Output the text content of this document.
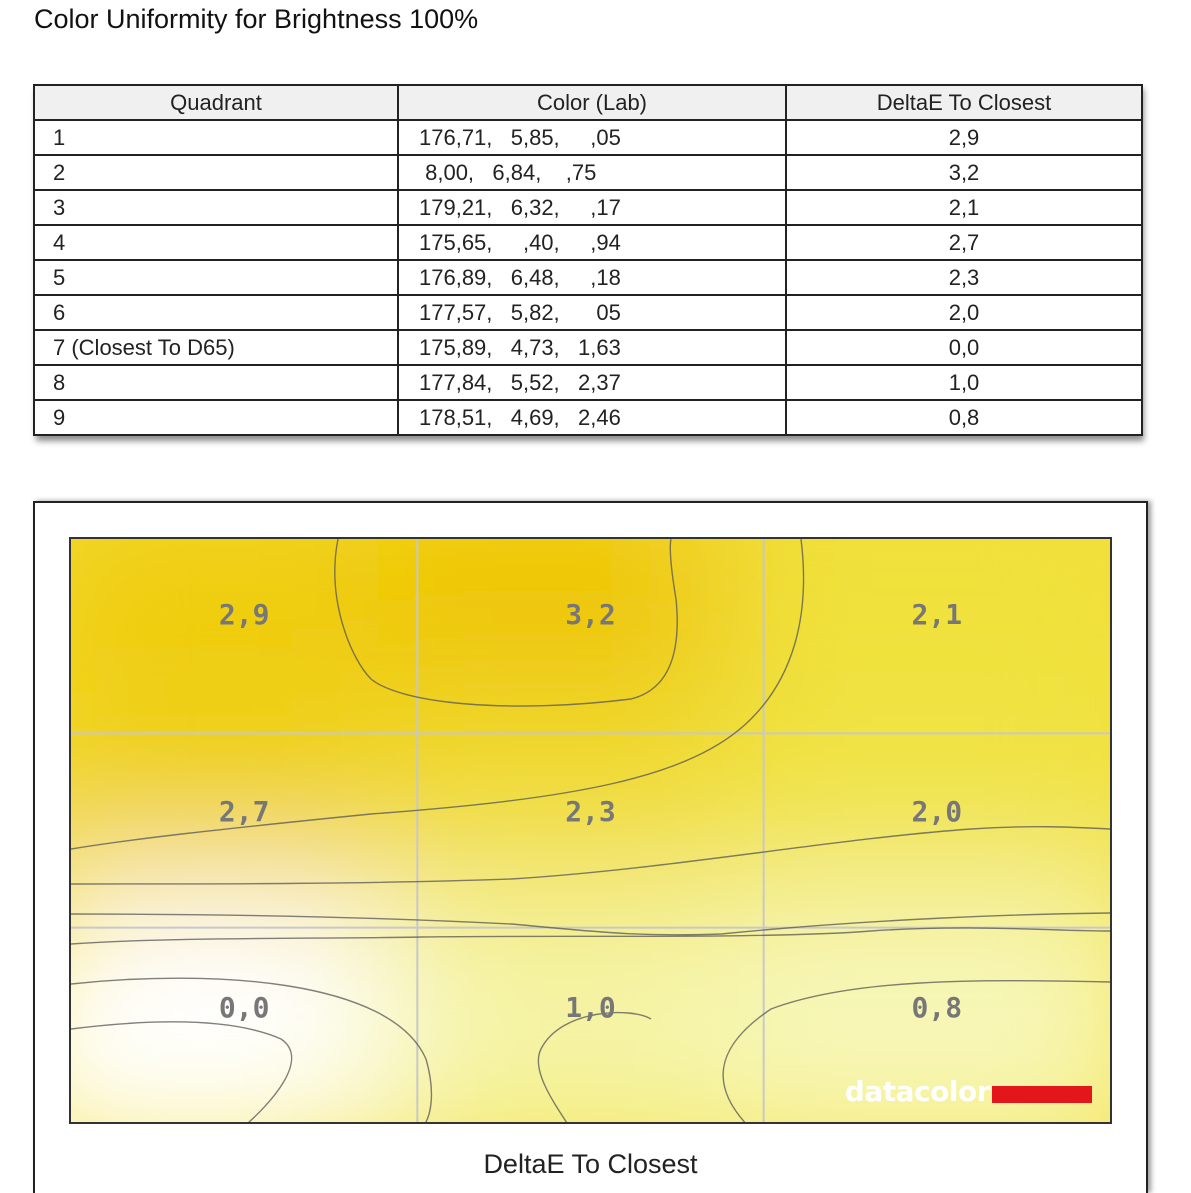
Color Uniformity for Brightness 100%
Quadrant	Color (Lab)	DeltaE To Closest
1	176,71,   5,85,     ,05	2,9
2	8,00,   6,84,    ,75	3,2
3	179,21,   6,32,     ,17	2,1
4	175,65,     ,40,     ,94	2,7
5	176,89,   6,48,     ,18	2,3
6	177,57,   5,82,      05	2,0
7 (Closest To D65)	175,89,   4,73,   1,63	0,0
8	177,84,   5,52,   2,37	1,0
9	178,51,   4,69,   2,46	0,8
2,9	3,2	2,1
2,7	2,3	2,0
0,0	1,0	0,8
datacolor
DeltaE To Closest
